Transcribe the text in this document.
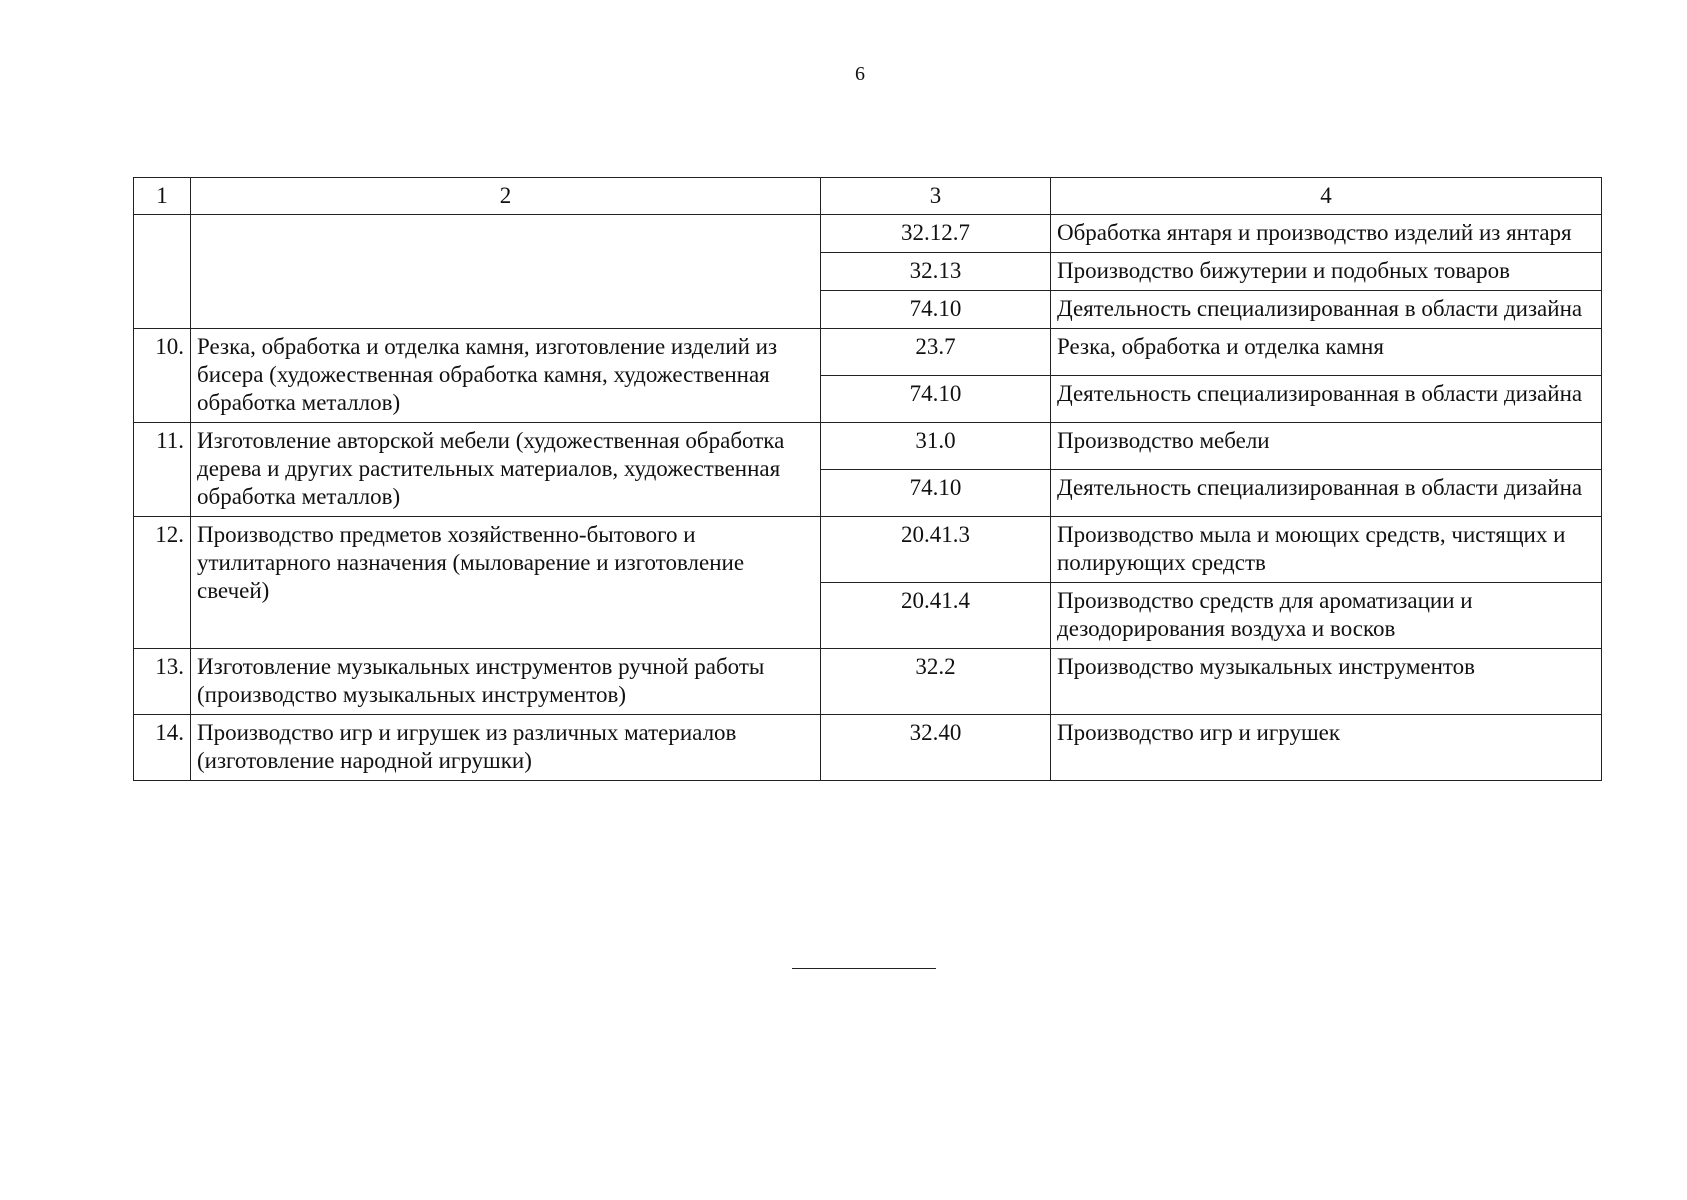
6
1	2	3	4
		32.12.7	Обработка янтаря и производство изделий из янтаря
		32.13	Производство бижутерии и подобных товаров
		74.10	Деятельность специализированная в области дизайна
10.	Резка, обработка и отделка камня, изготовление изделий из бисера (художественная обработка камня, художественная обработка металлов)	23.7	Резка, обработка и отделка камня
		74.10	Деятельность специализированная в области дизайна
11.	Изготовление авторской мебели (художественная обработка дерева и других растительных материалов, художественная обработка металлов)	31.0	Производство мебели
		74.10	Деятельность специализированная в области дизайна
12.	Производство предметов хозяйственно-бытового и утилитарного назначения (мыловарение и изготовление свечей)	20.41.3	Производство мыла и моющих средств, чистящих и полирующих средств
		20.41.4	Производство средств для ароматизации и дезодорирования воздуха и восков
13.	Изготовление музыкальных инструментов ручной работы (производство музыкальных инструментов)	32.2	Производство музыкальных инструментов
14.	Производство игр и игрушек из различных материалов (изготовление народной игрушки)	32.40	Производство игр и игрушек
